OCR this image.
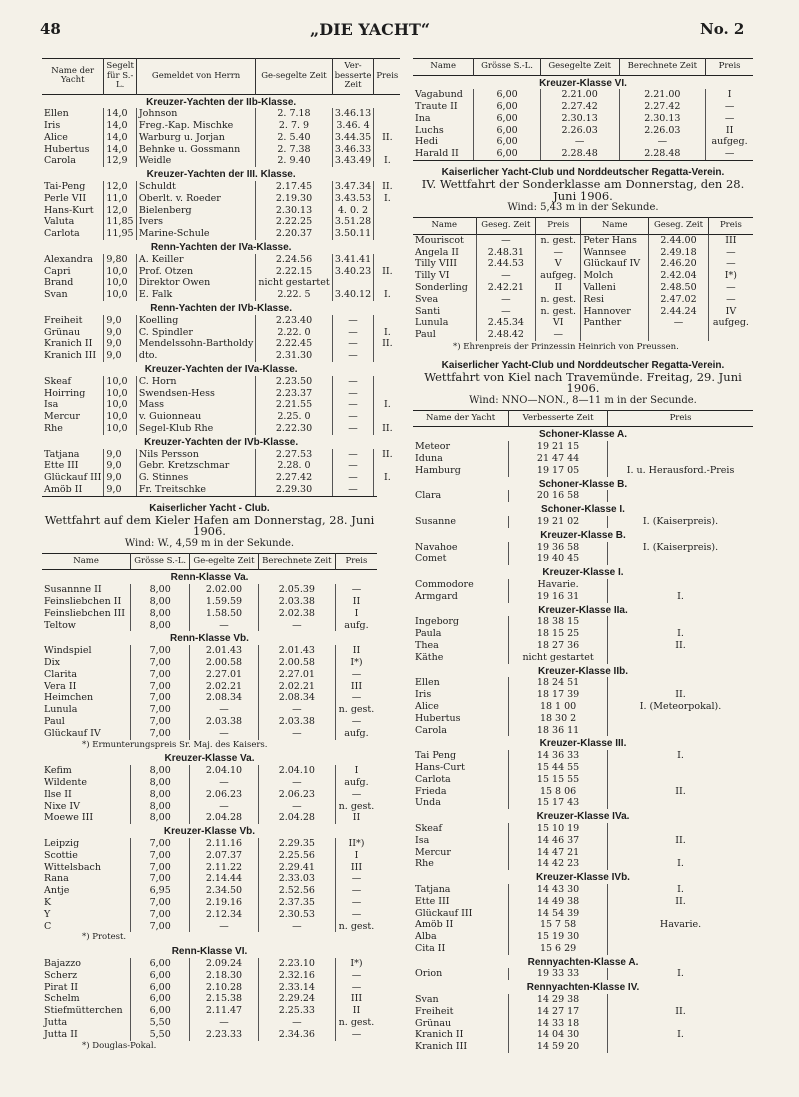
48	„DIE YACHT“	No. 2
Name der Yacht	Segelt für S.-L.	Gemeldet von Herrn	Ge-segelte Zeit	Ver-besserte Zeit	Preis
Kreuzer-Yachten der IIb-Klasse.					
Ellen	14,0	Johnson	2. 7.18	3.46.13	
Iris	14,0	Freg.-Kap. Mischke	2. 7. 9	3.46. 4	
Alice	14,0	Warburg u. Jorjan	2. 5.40	3.44.35	II.
Hubertus	14,0	Behnke u. Gossmann	2. 7.38	3.46.33	
Carola	12,9	Weidle	2. 9.40	3.43.49	I.
Kreuzer-Yachten der III. Klasse.					
Tai-Peng	12,0	Schuldt	2.17.45	3.47.34	II.
Perle VII	11,0	Oberlt. v. Roeder	2.19.30	3.43.53	I.
Hans-Kurt	12,0	Bielenberg	2.30.13	4. 0. 2	
Valuta	11,85	Ivers	2.22.25	3.51.28	
Carlota	11,95	Marine-Schule	2.20.37	3.50.11	
Renn-Yachten der IVa-Klasse.					
Alexandra	9,80	A. Keiller	2.24.56	3.41.41	
Capri	10,0	Prof. Otzen	2.22.15	3.40.23	II.
Brand	10,0	Direktor Owen	nicht gestartet		
Svan	10,0	E. Falk	2.22. 5	3.40.12	I.
Renn-Yachten der IVb-Klasse.					
Freiheit	9,0	Koelling	2.23.40	—	
Grünau	9,0	C. Spindler	2.22. 0	—	I.
Kranich II	9,0	Mendelssohn-Bartholdy	2.22.45	—	II.
Kranich III	9,0	dto.	2.31.30	—	
Kreuzer-Yachten der IVa-Klasse.					
Skeaf	10,0	C. Horn	2.23.50	—	
Hoirring	10,0	Swendsen-Hess	2.23.37	—	
Isa	10,0	Mass	2.21.55	—	I.
Mercur	10,0	v. Guionneau	2.25. 0	—	
Rhe	10,0	Segel-Klub Rhe	2.22.30	—	II.
Kreuzer-Yachten der IVb-Klasse.					
Tatjana	9,0	Nils Persson	2.27.53	—	II.
Ette III	9,0	Gebr. Kretzschmar	2.28. 0	—	
Glückauf III	9,0	G. Stinnes	2.27.42	—	I.
Amöb II	9,0	Fr. Treitschke	2.29.30	—	
Kaiserlicher Yacht - Club.
Wettfahrt auf dem Kieler Hafen am Donnerstag, 28. Juni 1906.
Wind: W., 4,59 m in der Sekunde.
Name	Grösse S.-L.	Ge-egelte Zeit	Berechnete Zeit	Preis
Renn-Klasse Va.				
Susannne II	8,00	2.02.00	2.05.39	—
Feinsliebchen II	8,00	1.59.59	2.03.38	II
Feinsliebchen III	8,00	1.58.50	2.02.38	I
Teltow	8,00	—	—	aufg.
Renn-Klasse Vb.				
Windspiel	7,00	2.01.43	2.01.43	II
Dix	7,00	2.00.58	2.00.58	I*)
Clarita	7,00	2.27.01	2.27.01	—
Vera II	7,00	2.02.21	2.02.21	III
Heimchen	7,00	2.08.34	2.08.34	—
Lunula	7,00	—	—	n. gest.
Paul	7,00	2.03.38	2.03.38	—
Glückauf IV	7,00	—	—	aufg.
*) Ermunterungspreis Sr. Maj. des Kaisers.				
Kreuzer-Klasse Va.				
Kefim	8,00	2.04.10	2.04.10	I
Wildente	8,00	—	—	aufg.
Ilse II	8,00	2.06.23	2.06.23	—
Nixe IV	8,00	—	—	n. gest.
Moewe III	8,00	2.04.28	2.04.28	II
Kreuzer-Klasse Vb.				
Leipzig	7,00	2.11.16	2.29.35	II*)
Scottie	7,00	2.07.37	2.25.56	I
Wittelsbach	7,00	2.11.22	2.29.41	III
Rana	7,00	2.14.44	2.33.03	—
Antje	6,95	2.34.50	2.52.56	—
K	7,00	2.19.16	2.37.35	—
Y	7,00	2.12.34	2.30.53	—
C	7,00	—	—	n. gest.
*) Protest.				
Renn-Klasse VI.				
Bajazzo	6,00	2.09.24	2.23.10	I*)
Scherz	6,00	2.18.30	2.32.16	—
Pirat II	6,00	2.10.28	2.33.14	—
Schelm	6,00	2.15.38	2.29.24	III
Stiefmütterchen	6,00	2.11.47	2.25.33	II
Jutta	5,50	—	—	n. gest.
Jutta II	5,50	2.23.33	2.34.36	—
*) Douglas-Pokal.				
Name	Grösse S.-L.	Gesegelte Zeit	Berechnete Zeit	Preis
Kreuzer-Klasse VI.				
Vagabund	6,00	2.21.00	2.21.00	I
Traute II	6,00	2.27.42	2.27.42	—
Ina	6,00	2.30.13	2.30.13	—
Luchs	6,00	2.26.03	2.26.03	II
Hedi	6,00	—	—	aufgeg.
Harald II	6,00	2.28.48	2.28.48	—
Kaiserlicher Yacht-Club und Norddeutscher Regatta-Verein.
IV. Wettfahrt der Sonderklasse am Donnerstag, den 28. Juni 1906.
Wind: 5,43 m in der Sekunde.
Name	Geseg. Zeit	Preis	Name	Geseg. Zeit	Preis
Mouriscot	—	n. gest.	Peter Hans	2.44.00	III
Angela II	2.48.31	—	Wannsee	2.49.18	—
Tilly VIII	2.44.53	V	Glückauf IV	2.46.20	—
Tilly VI	—	aufgeg.	Molch	2.42.04	I*)
Sonderling	2.42.21	II	Valleni	2.48.50	—
Svea	—	n. gest.	Resi	2.47.02	—
Santi	—	n. gest.	Hannover	2.44.24	IV
Lunula	2.45.34	VI	Panther	—	aufgeg.
Paul	2.48.42	—			
*) Ehrenpreis der Prinzessin Heinrich von Preussen.
Kaiserlicher Yacht-Club und Norddeutscher Regatta-Verein.
Wettfahrt von Kiel nach Travemünde. Freitag, 29. Juni 1906.
Wind: NNO—NON., 8—11 m in der Secunde.
Name der Yacht	Verbesserte Zeit	Preis
Schoner-Klasse A.		
Meteor	19 21 15	
Iduna	21 47 44	
Hamburg	19 17 05	I. u. Herausford.-Preis
Schoner-Klasse B.		
Clara	20 16 58	
Schoner-Klasse I.		
Susanne	19 21 02	I. (Kaiserpreis).
Kreuzer-Klasse B.		
Navahoe	19 36 58	I. (Kaiserpreis).
Comet	19 40 45	
Kreuzer-Klasse I.		
Commodore	Havarie.	
Armgard	19 16 31	I.
Kreuzer-Klasse IIa.		
Ingeborg	18 38 15	
Paula	18 15 25	I.
Thea	18 27 36	II.
Käthe	nicht gestartet	
Kreuzer-Klasse IIb.		
Ellen	18 24 51	
Iris	18 17 39	II.
Alice	18 1 00	I. (Meteorpokal).
Hubertus	18 30 2	
Carola	18 36 11	
Kreuzer-Klasse III.		
Tai Peng	14 36 33	I.
Hans-Curt	15 44 55	
Carlota	15 15 55	
Frieda	15 8 06	II.
Unda	15 17 43	
Kreuzer-Klasse IVa.		
Skeaf	15 10 19	
Isa	14 46 37	II.
Mercur	14 47 21	
Rhe	14 42 23	I.
Kreuzer-Klasse IVb.		
Tatjana	14 43 30	I.
Ette III	14 49 38	II.
Glückauf III	14 54 39	
Amöb II	15 7 58	Havarie.
Alba	15 19 30	
Cita II	15 6 29	
Rennyachten-Klasse A.		
Orion	19 33 33	I.
Rennyachten-Klasse IV.		
Svan	14 29 38	
Freiheit	14 27 17	II.
Grünau	14 33 18	
Kranich II	14 04 30	I.
Kranich III	14 59 20	
